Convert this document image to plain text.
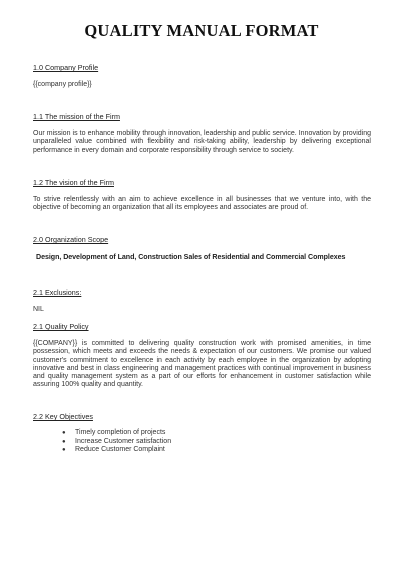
QUALITY MANUAL FORMAT

1.0 Company Profile

{{company profile}}

1.1 The mission of the Firm

Our mission is to enhance mobility through innovation, leadership and public service. Innovation by providing unparalleled value combined with flexibility and risk-taking ability, leadership by delivering exceptional performance in every domain and corporate responsibility through service to society.

1.2 The vision of the Firm

To strive relentlessly with an aim to achieve excellence in all businesses that we venture into, with the objective of becoming an organization that all its employees and associates are proud of.

2.0 Organization Scope

Design, Development of Land, Construction Sales of Residential and Commercial Complexes

2.1 Exclusions:

NIL

2.1 Quality Policy

{{COMPANY}} is committed to delivering quality construction work with promised amenities, in time possession, which meets and exceeds the needs & expectation of our customers. We promise our valued customer's commitment to excellence in each activity by each employee in the organization by adopting innovative and best in class engineering and management practices with continual improvement in business and quality management system as a part of our efforts for enhancement in customer satisfaction while assuring 100% quality and quantity.

2.2 Key Objectives

● Timely completion of projects
● Increase Customer satisfaction
● Reduce Customer Complaint
